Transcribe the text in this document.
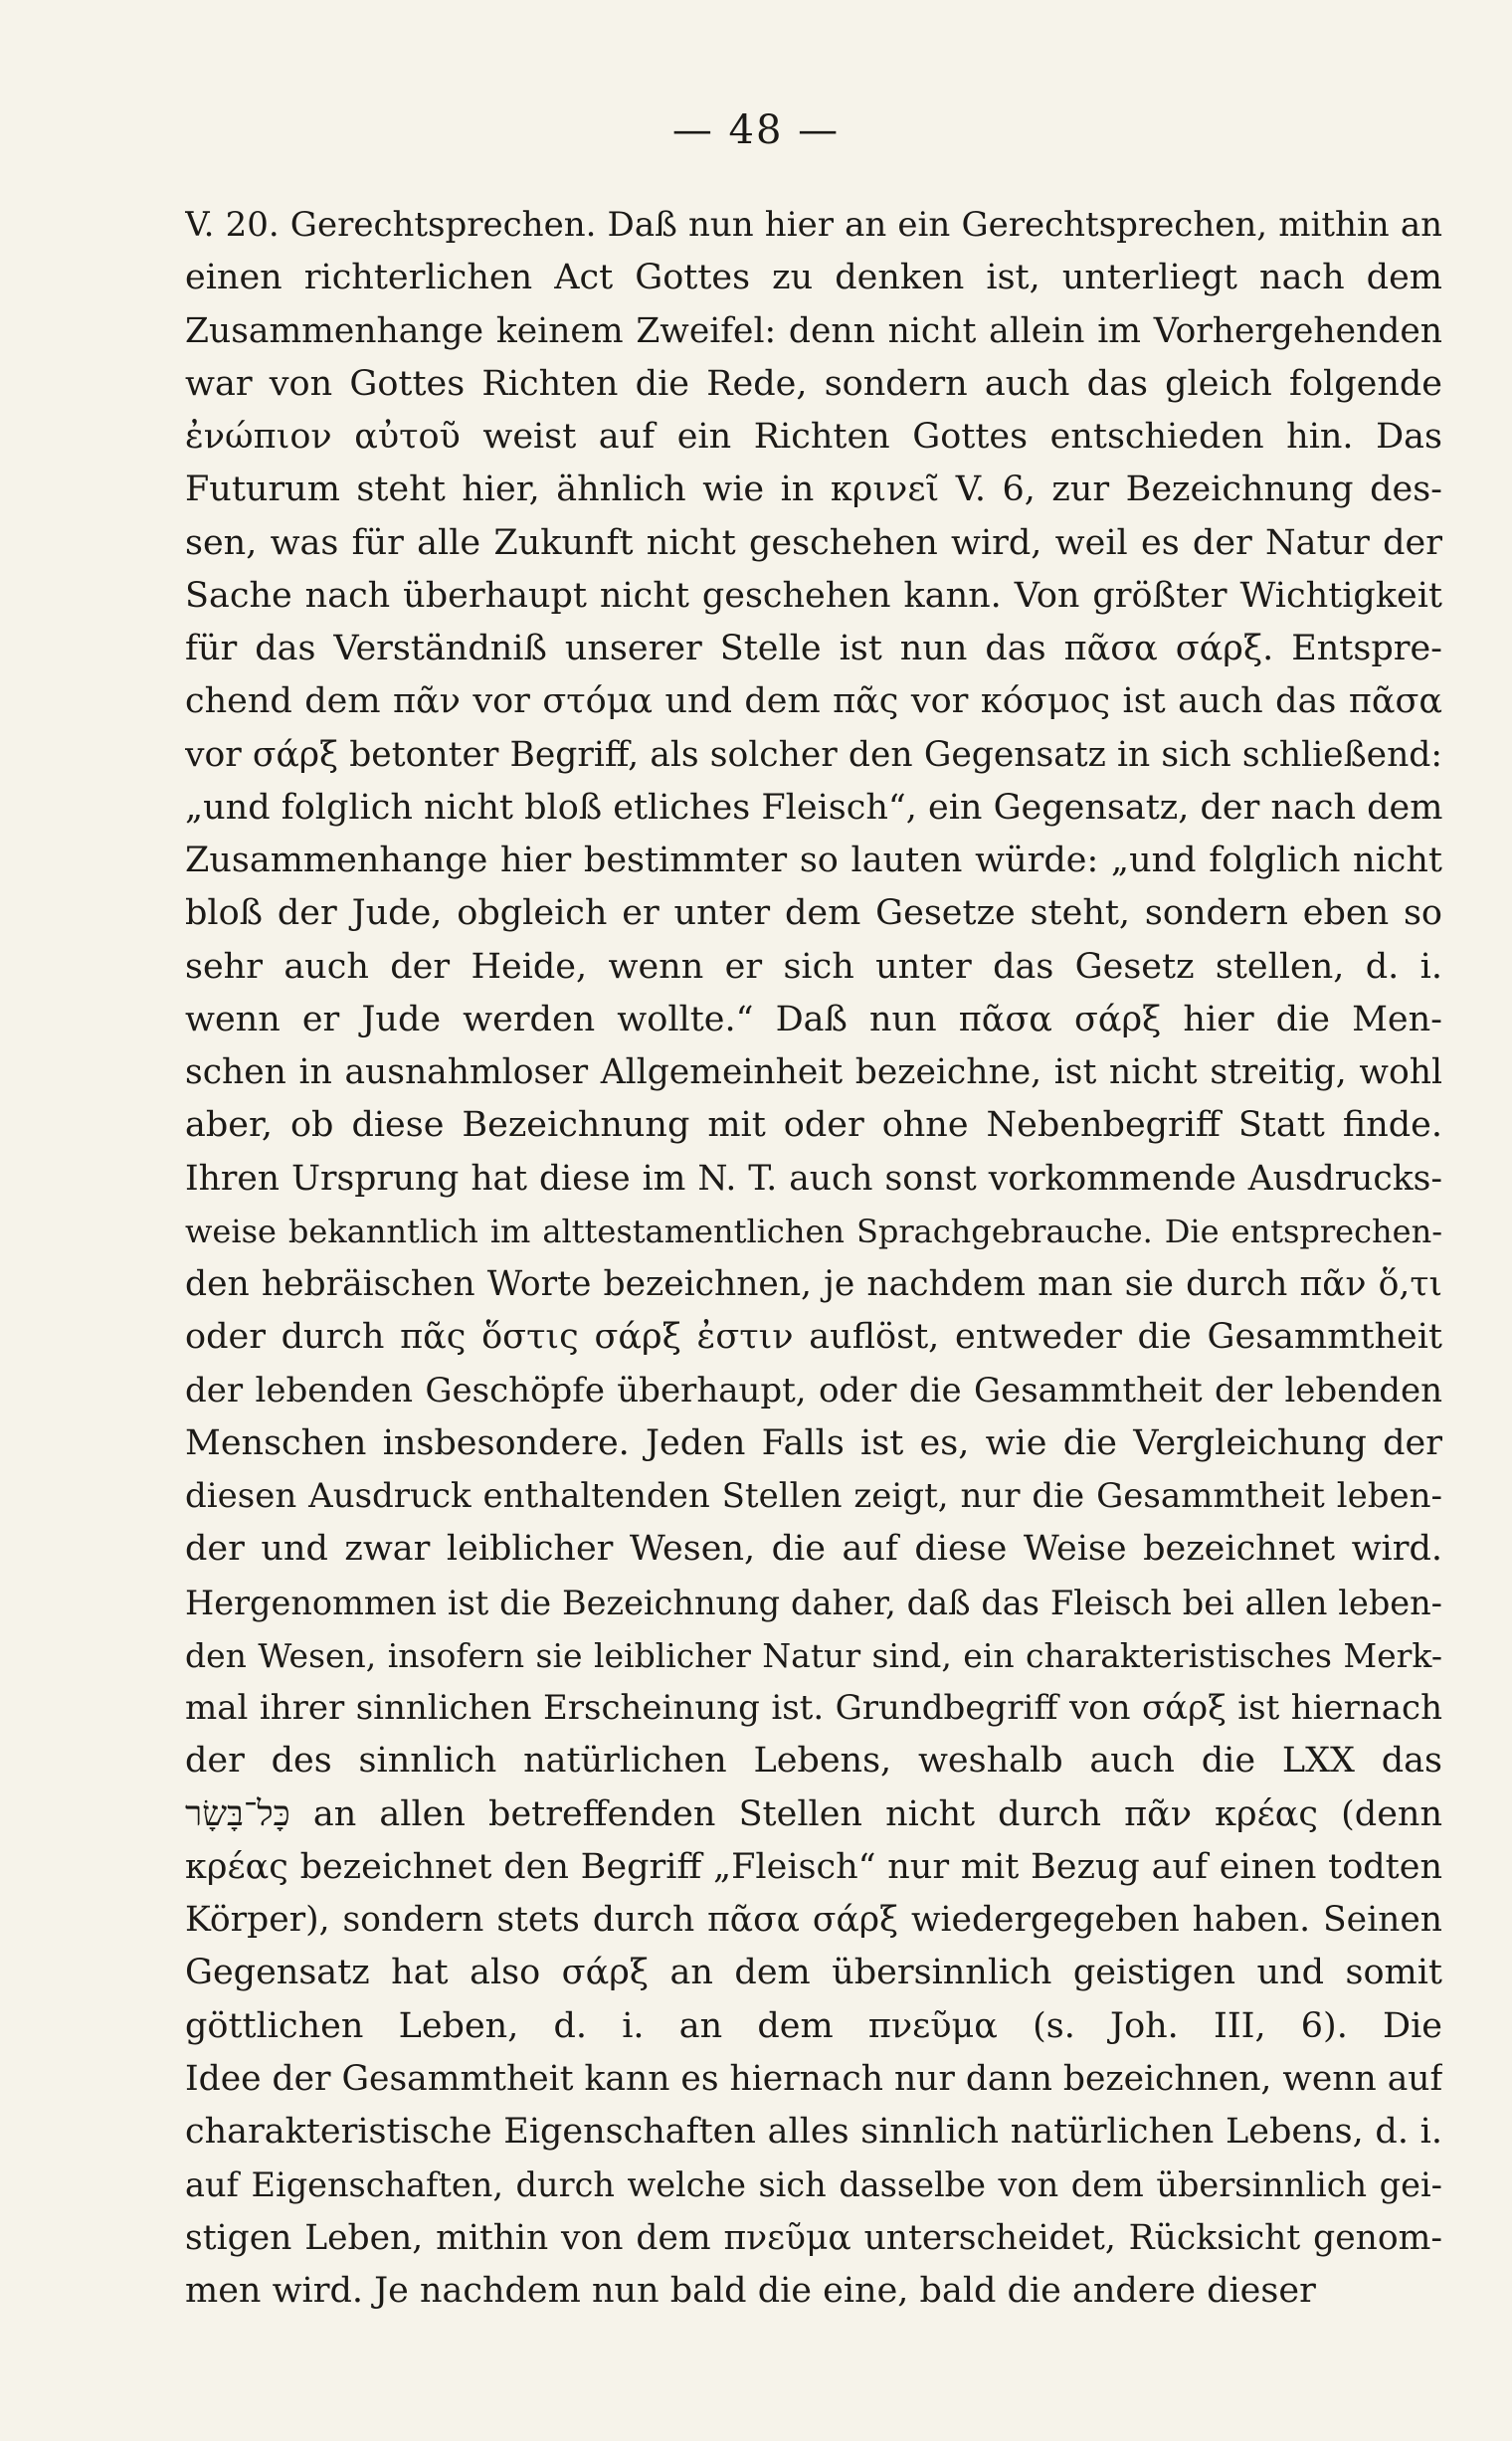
— 48 —
V. 20. Gerechtsprechen. Daß nun hier an ein Gerechtsprechen, mithin an
einen richterlichen Act Gottes zu denken ist, unterliegt nach dem
Zusammenhange keinem Zweifel: denn nicht allein im Vorhergehenden
war von Gottes Richten die Rede, sondern auch das gleich folgende
ἐνώπιον αὐτοῦ weist auf ein Richten Gottes entschieden hin. Das
Futurum steht hier, ähnlich wie in κρινεῖ V. 6, zur Bezeichnung des-
sen, was für alle Zukunft nicht geschehen wird, weil es der Natur der
Sache nach überhaupt nicht geschehen kann. Von größter Wichtigkeit
für das Verständniß unserer Stelle ist nun das πᾶσα σάρξ. Entspre-
chend dem πᾶν vor στόμα und dem πᾶς vor κόσμος ist auch das πᾶσα
vor σάρξ betonter Begriff, als solcher den Gegensatz in sich schließend:
„und folglich nicht bloß etliches Fleisch“, ein Gegensatz, der nach dem
Zusammenhange hier bestimmter so lauten würde: „und folglich nicht
bloß der Jude, obgleich er unter dem Gesetze steht, sondern eben so
sehr auch der Heide, wenn er sich unter das Gesetz stellen, d. i.
wenn er Jude werden wollte.“ Daß nun πᾶσα σάρξ hier die Men-
schen in ausnahmloser Allgemeinheit bezeichne, ist nicht streitig, wohl
aber, ob diese Bezeichnung mit oder ohne Nebenbegriff Statt finde.
Ihren Ursprung hat diese im N. T. auch sonst vorkommende Ausdrucks-
weise bekanntlich im alttestamentlichen Sprachgebrauche. Die entsprechen-
den hebräischen Worte bezeichnen, je nachdem man sie durch πᾶν ὅ,τι
oder durch πᾶς ὅστις σάρξ ἐστιν auflöst, entweder die Gesammtheit
der lebenden Geschöpfe überhaupt, oder die Gesammtheit der lebenden
Menschen insbesondere. Jeden Falls ist es, wie die Vergleichung der
diesen Ausdruck enthaltenden Stellen zeigt, nur die Gesammtheit leben-
der und zwar leiblicher Wesen, die auf diese Weise bezeichnet wird.
Hergenommen ist die Bezeichnung daher, daß das Fleisch bei allen leben-
den Wesen, insofern sie leiblicher Natur sind, ein charakteristisches Merk-
mal ihrer sinnlichen Erscheinung ist. Grundbegriff von σάρξ ist hiernach
der des sinnlich natürlichen Lebens, weshalb auch die LXX das
כָּל־בָּשָׂר an allen betreffenden Stellen nicht durch πᾶν κρέας (denn
κρέας bezeichnet den Begriff „Fleisch“ nur mit Bezug auf einen todten
Körper), sondern stets durch πᾶσα σάρξ wiedergegeben haben. Seinen
Gegensatz hat also σάρξ an dem übersinnlich geistigen und somit
göttlichen Leben, d. i. an dem πνεῦμα (s. Joh. III, 6). Die
Idee der Gesammtheit kann es hiernach nur dann bezeichnen, wenn auf
charakteristische Eigenschaften alles sinnlich natürlichen Lebens, d. i.
auf Eigenschaften, durch welche sich dasselbe von dem übersinnlich gei-
stigen Leben, mithin von dem πνεῦμα unterscheidet, Rücksicht genom-
men wird. Je nachdem nun bald die eine, bald die andere dieser
